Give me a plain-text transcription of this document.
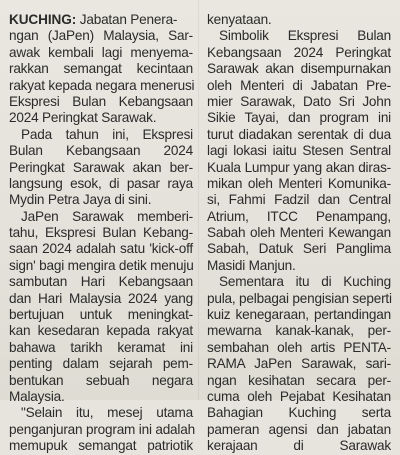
KUCHING: Jabatan Penera-
ngan (JaPen) Malaysia, Sar-
awak kembali lagi menyema-
rakkan semangat kecintaan
rakyat kepada negara menerusi
Ekspresi Bulan Kebangsaan
2024 Peringkat Sarawak.
Pada tahun ini, Ekspresi
Bulan Kebangsaan 2024
Peringkat Sarawak akan ber-
langsung esok, di pasar raya
Mydin Petra Jaya di sini.
JaPen Sarawak memberi-
tahu, Ekspresi Bulan Kebang-
saan 2024 adalah satu 'kick-off
sign' bagi mengira detik menuju
sambutan Hari Kebangsaan
dan Hari Malaysia 2024 yang
bertujuan untuk meningkat-
kan kesedaran kepada rakyat
bahawa tarikh keramat ini
penting dalam sejarah pem-
bentukan sebuah negara
Malaysia.
"Selain itu, mesej utama
penganjuran program ini adalah
memupuk semangat patriotik
kenyataan.
Simbolik Ekspresi Bulan
Kebangsaan 2024 Peringkat
Sarawak akan disempurnakan
oleh Menteri di Jabatan Pre-
mier Sarawak, Dato Sri John
Sikie Tayai, dan program ini
turut diadakan serentak di dua
lagi lokasi iaitu Stesen Sentral
Kuala Lumpur yang akan diras-
mikan oleh Menteri Komunika-
si, Fahmi Fadzil dan Central
Atrium, ITCC Penampang,
Sabah oleh Menteri Kewangan
Sabah, Datuk Seri Panglima
Masidi Manjun.
Sementara itu di Kuching
pula, pelbagai pengisian seperti
kuiz kenegaraan, pertandingan
mewarna kanak-kanak, per-
sembahan oleh artis PENTA-
RAMA JaPen Sarawak, sari-
ngan kesihatan secara per-
cuma oleh Pejabat Kesihatan
Bahagian Kuching serta
pameran agensi dan jabatan
kerajaan di Sarawak
